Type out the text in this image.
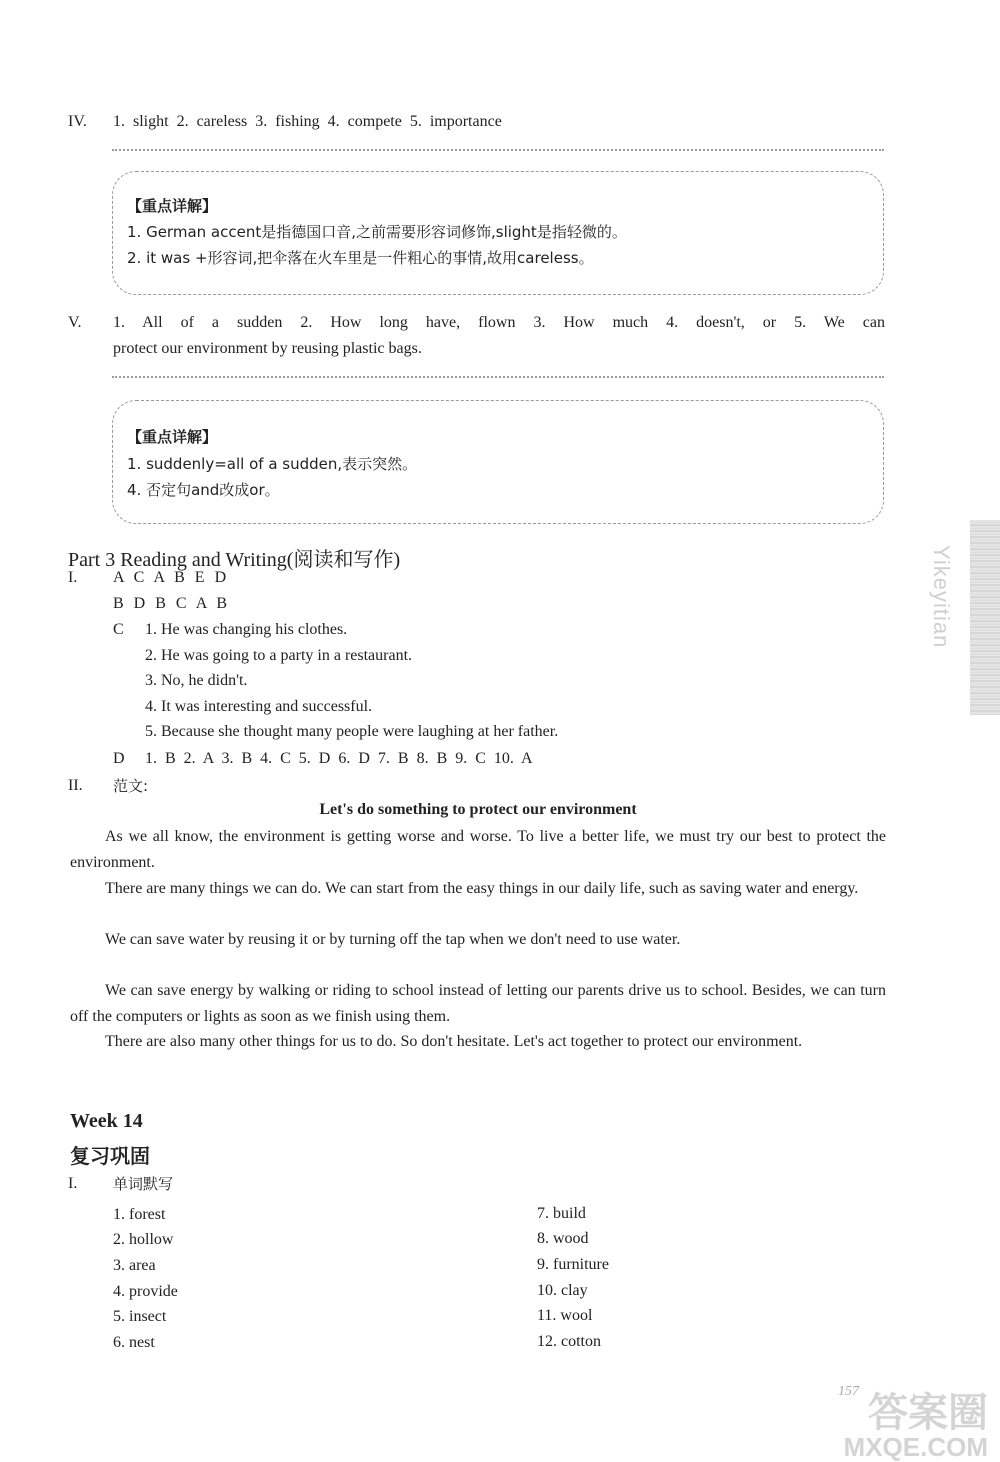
IV. 1. slight 2. careless 3. fishing 4. compete 5. importance
【重点详解】
1. German accent是指德国口音,之前需要形容词修饰,slight是指轻微的。
2. it was +形容词,把伞落在火车里是一件粗心的事情,故用careless。
V. 1. All of a sudden 2. How long have, flown 3. How much 4. doesn't, or 5. We can
protect our environment by reusing plastic bags.
【重点详解】
1. suddenly=all of a sudden,表示突然。
4. 否定句and改成or。
Part 3 Reading and Writing(阅读和写作)
I. A C A B E D
B D B C A B
C 1. He was changing his clothes.
2. He was going to a party in a restaurant.
3. No, he didn't.
4. It was interesting and successful.
5. Because she thought many people were laughing at her father.
D 1. B 2. A 3. B 4. C 5. D 6. D 7. B 8. B 9. C 10. A
II. 范文:
Let's do something to protect our environment
As we all know, the environment is getting worse and worse. To live a better life, we must try our best to protect the environment.
There are many things we can do. We can start from the easy things in our daily life, such as saving water and energy.
We can save water by reusing it or by turning off the tap when we don't need to use water.
We can save energy by walking or riding to school instead of letting our parents drive us to school. Besides, we can turn off the computers or lights as soon as we finish using them.
There are also many other things for us to do. So don't hesitate. Let's act together to protect our environment.
Week 14
复习巩固
I. 单词默写
1. forest
2. hollow
3. area
4. provide
5. insect
6. nest
7. build
8. wood
9. furniture
10. clay
11. wool
12. cotton
Yikeyitian
157 答案圈
MXQE.COM
